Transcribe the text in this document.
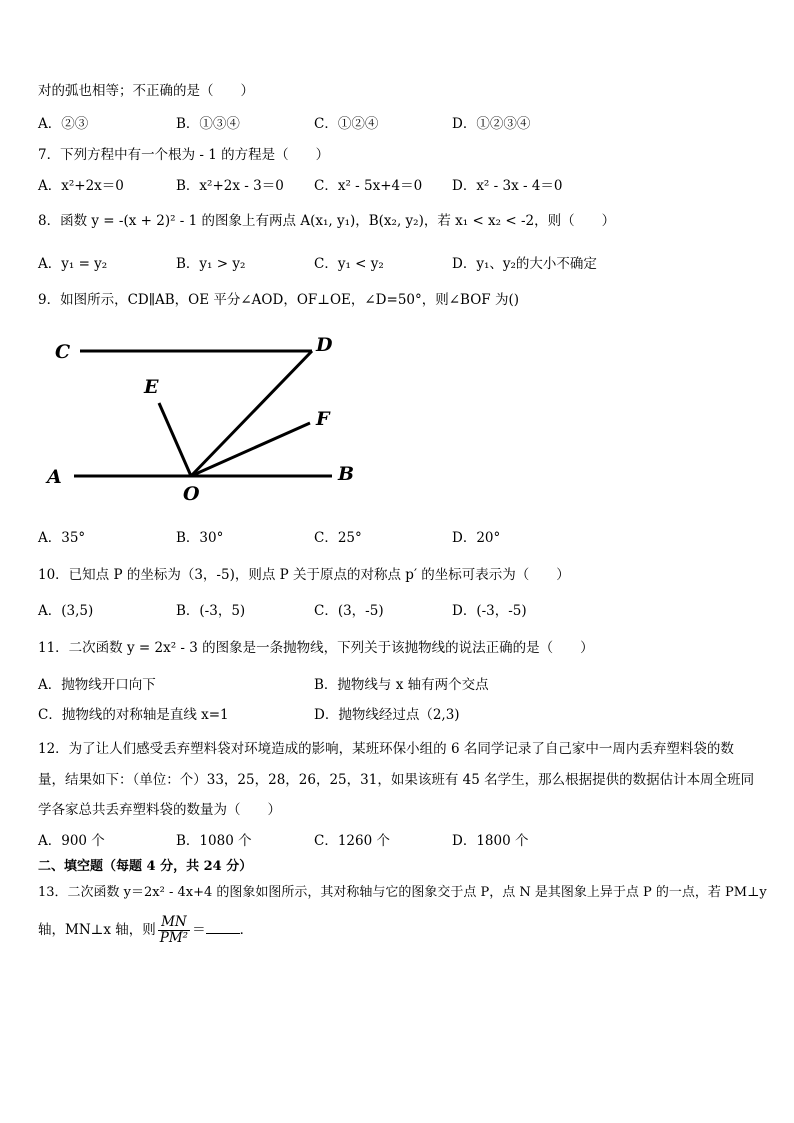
对的弧也相等；不正确的是（　　）
A．②③	B．①③④	C．①②④	D．①②③④
7．下列方程中有一个根为 - 1 的方程是（　　）
A．x²+2x＝0	B．x²+2x - 3＝0 C．x² - 5x+4＝0 D．x² - 3x - 4＝0
8．函数 y = -(x + 2)² - 1 的图象上有两点 A(x₁, y₁)，B(x₂, y₂)，若 x₁ < x₂ < -2，则（　　）
A．y₁ = y₂	B．y₁ > y₂	C．y₁ < y₂	D．y₁、y₂的大小不确定
9．如图所示，CD∥AB，OE 平分∠AOD，OF⊥OE，∠D=50°，则∠BOF 为()
C	D
E
F
A	B
O
A．35°	B．30°	C．25°	D．20°
10．已知点 P 的坐标为（3，-5)，则点 P 关于原点的对称点 p′ 的坐标可表示为（　　）
A．(3,5)	B．(-3，5)	C．(3，-5)	D．(-3，-5)
11．二次函数 y = 2x² - 3 的图象是一条抛物线，下列关于该抛物线的说法正确的是（　　）
A．抛物线开口向下	B．抛物线与 x 轴有两个交点
C．抛物线的对称轴是直线 x=1	D．抛物线经过点（2,3)
12．为了让人们感受丢弃塑料袋对环境造成的影响，某班环保小组的 6 名同学记录了自己家中一周内丢弃塑料袋的数
量，结果如下：（单位：个）33，25，28，26，25，31，如果该班有 45 名学生，那么根据提供的数据估计本周全班同
学各家总共丢弃塑料袋的数量为（　　）
A．900 个	B．1080 个	C．1260 个	D．1800 个
二、填空题（每题 4 分，共 24 分）
13．二次函数 y＝2x² - 4x+4 的图象如图所示，其对称轴与它的图象交于点 P，点 N 是其图象上异于点 P 的一点，若 PM⊥y
轴，MN⊥x 轴，则 $\frac{MN}{\text{PM²}}$ ＝	．
